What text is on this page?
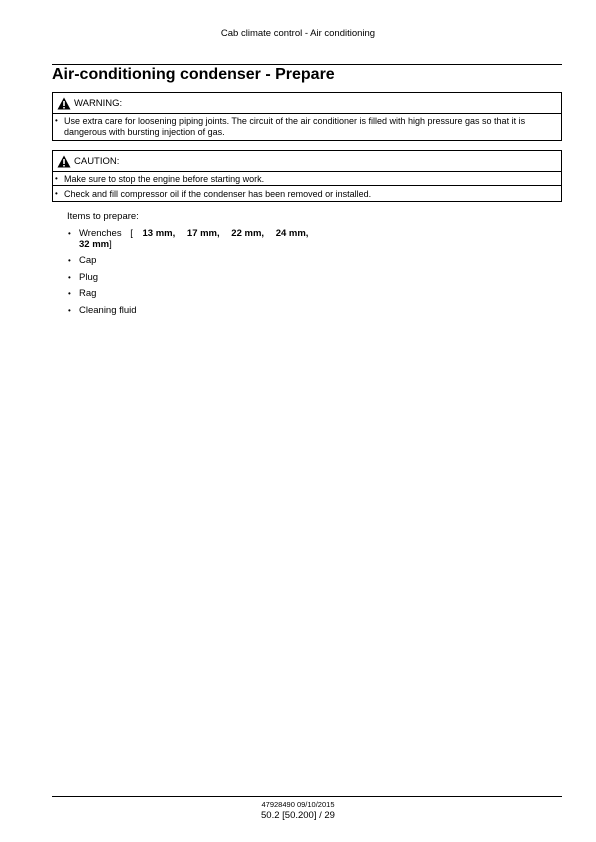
Cab climate control - Air conditioning
Air-conditioning condenser - Prepare
WARNING:
• Use extra care for loosening piping joints. The circuit of the air conditioner is filled with high pressure gas so that it is dangerous with bursting injection of gas.
CAUTION:
• Make sure to stop the engine before starting work.
• Check and fill compressor oil if the condenser has been removed or installed.
Items to prepare:
• Wrenches [ 13 mm, 17 mm, 22 mm, 24 mm,
32 mm]
• Cap
• Plug
• Rag
• Cleaning fluid
47928490 09/10/2015
50.2 [50.200] / 29
